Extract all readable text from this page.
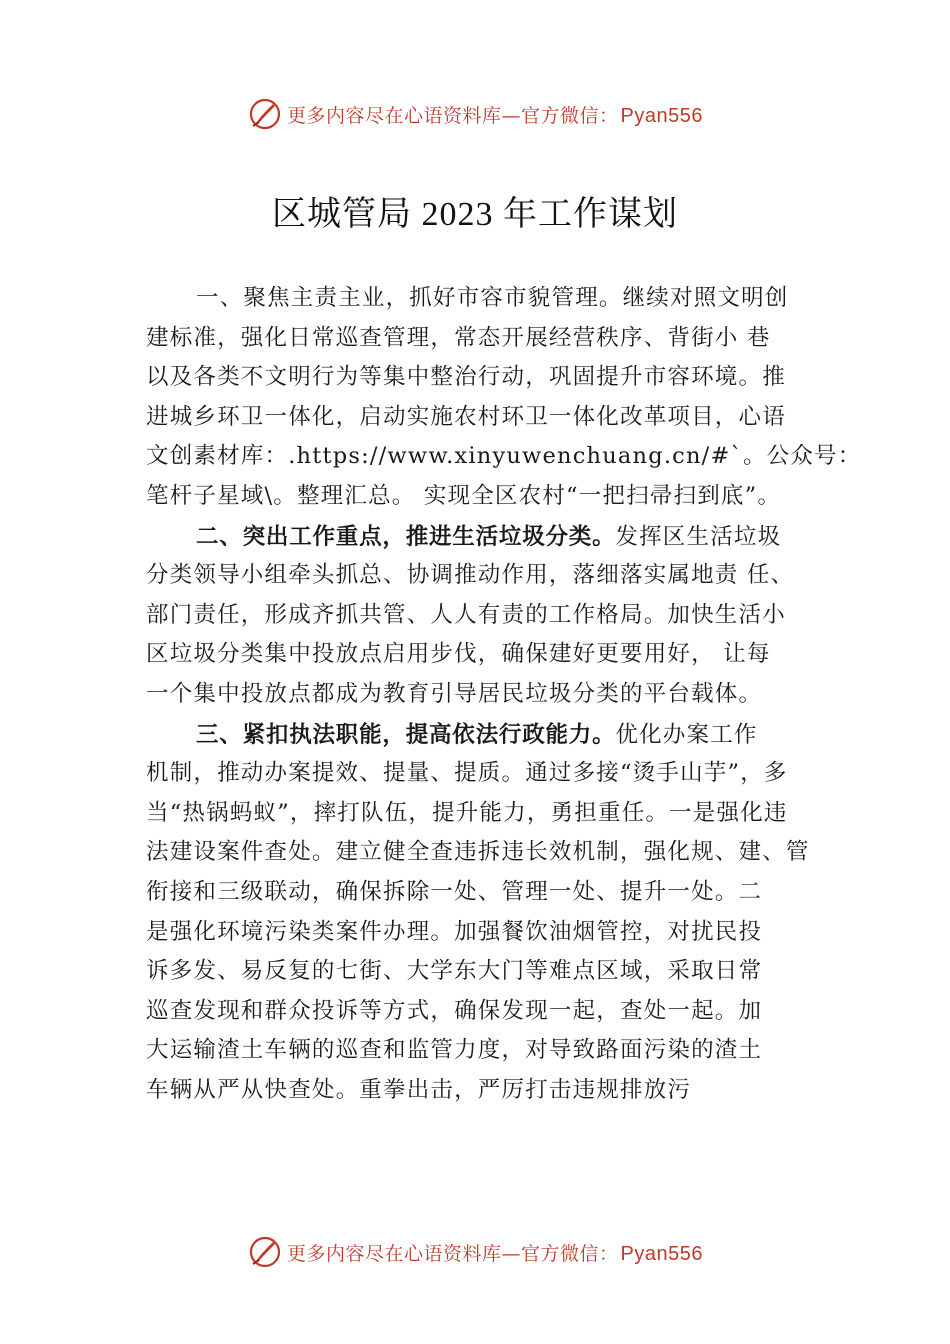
更多内容尽在心语资料库—官方微信： Pyan556
区城管局 2023 年工作谋划
一、聚焦主责主业，抓好市容市貌管理。继续对照文明创
建标准，强化日常巡查管理，常态开展经营秩序、背街小 巷
以及各类不文明行为等集中整治行动，巩固提升市容环境。推
进城乡环卫一体化，启动实施农村环卫一体化改革项目，心语
文创素材库：.https://www.xinyuwenchuang.cn/#`。公众号：
笔杆子星域\。整理汇总。 实现全区农村“一把扫帚扫到底”。
二、突出工作重点，推进生活垃圾分类。发挥区生活垃圾
分类领导小组牵头抓总、协调推动作用，落细落实属地责 任、
部门责任，形成齐抓共管、人人有责的工作格局。加快生活小
区垃圾分类集中投放点启用步伐，确保建好更要用好， 让每
一个集中投放点都成为教育引导居民垃圾分类的平台载体。
三、紧扣执法职能，提高依法行政能力。优化办案工作
机制，推动办案提效、提量、提质。通过多接“烫手山芋”，多
当“热锅蚂蚁”，摔打队伍，提升能力，勇担重任。一是强化违
法建设案件查处。建立健全查违拆违长效机制，强化规、建、管
衔接和三级联动，确保拆除一处、管理一处、提升一处。二
是强化环境污染类案件办理。加强餐饮油烟管控，对扰民投
诉多发、易反复的七街、大学东大门等难点区域，采取日常
巡查发现和群众投诉等方式，确保发现一起，查处一起。加
大运输渣土车辆的巡查和监管力度，对导致路面污染的渣土
车辆从严从快查处。重拳出击，严厉打击违规排放污
更多内容尽在心语资料库—官方微信： Pyan556
